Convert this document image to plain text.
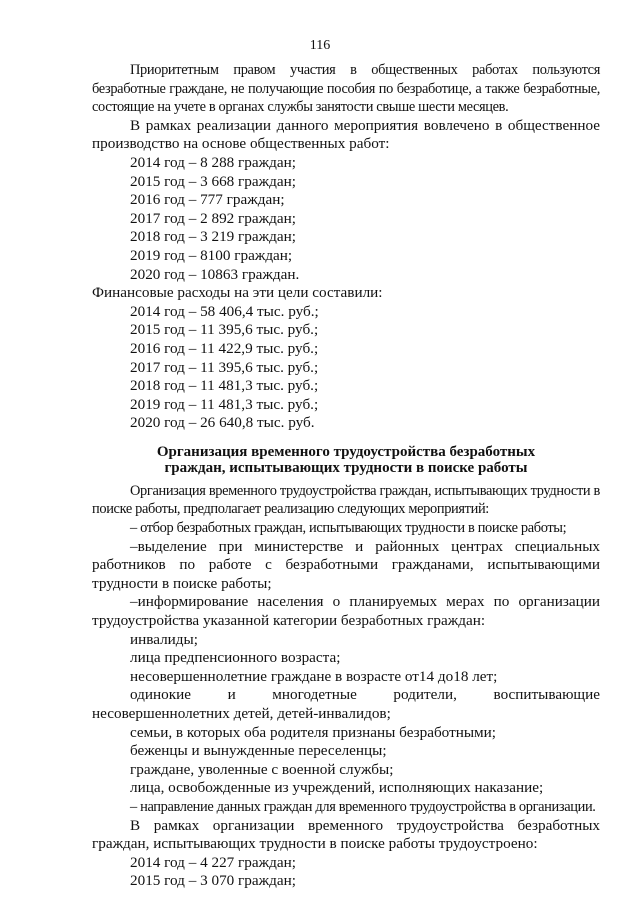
116

Приоритетным правом участия в общественных работах пользуются безработные граждане, не получающие пособия по безработице, а также безработные, состоящие на учете в органах службы занятости свыше шести месяцев.

В рамках реализации данного мероприятия вовлечено в общественное производство на основе общественных работ:

2014 год – 8 288 граждан;

2015 год – 3 668 граждан;

2016 год – 777 граждан;

2017 год – 2 892 граждан;

2018 год – 3 219 граждан;

2019 год – 8100 граждан;

2020 год – 10863 граждан.

Финансовые расходы на эти цели составили:

2014 год – 58 406,4 тыс. руб.;

2015 год – 11 395,6 тыс. руб.;

2016 год – 11 422,9 тыс. руб.;

2017 год – 11 395,6 тыс. руб.;

2018 год – 11 481,3 тыс. руб.;

2019 год – 11 481,3 тыс. руб.;

2020 год – 26 640,8 тыс. руб.

Организация временного трудоустройства безработных
граждан, испытывающих трудности в поиске работы

Организация временного трудоустройства граждан, испытывающих трудности в поиске работы, предполагает реализацию следующих мероприятий:

– отбор безработных граждан, испытывающих трудности в поиске работы;

–выделение при министерстве и районных центрах специальных работников по работе с безработными гражданами, испытывающими трудности в поиске работы;

–информирование населения о планируемых мерах по организации трудоустройства указанной категории безработных граждан:

инвалиды;

лица предпенсионного возраста;

несовершеннолетние граждане в возрасте от14 до18 лет;

одинокие и многодетные родители, воспитывающие несовершеннолетних детей, детей-инвалидов;

семьи, в которых оба родителя признаны безработными;

беженцы и вынужденные переселенцы;

граждане, уволенные с военной службы;

лица, освобожденные из учреждений, исполняющих наказание;

– направление данных граждан для временного трудоустройства в организации.

В рамках организации временного трудоустройства безработных граждан, испытывающих трудности в поиске работы трудоустроено:

2014 год – 4 227 граждан;

2015 год – 3 070 граждан;
